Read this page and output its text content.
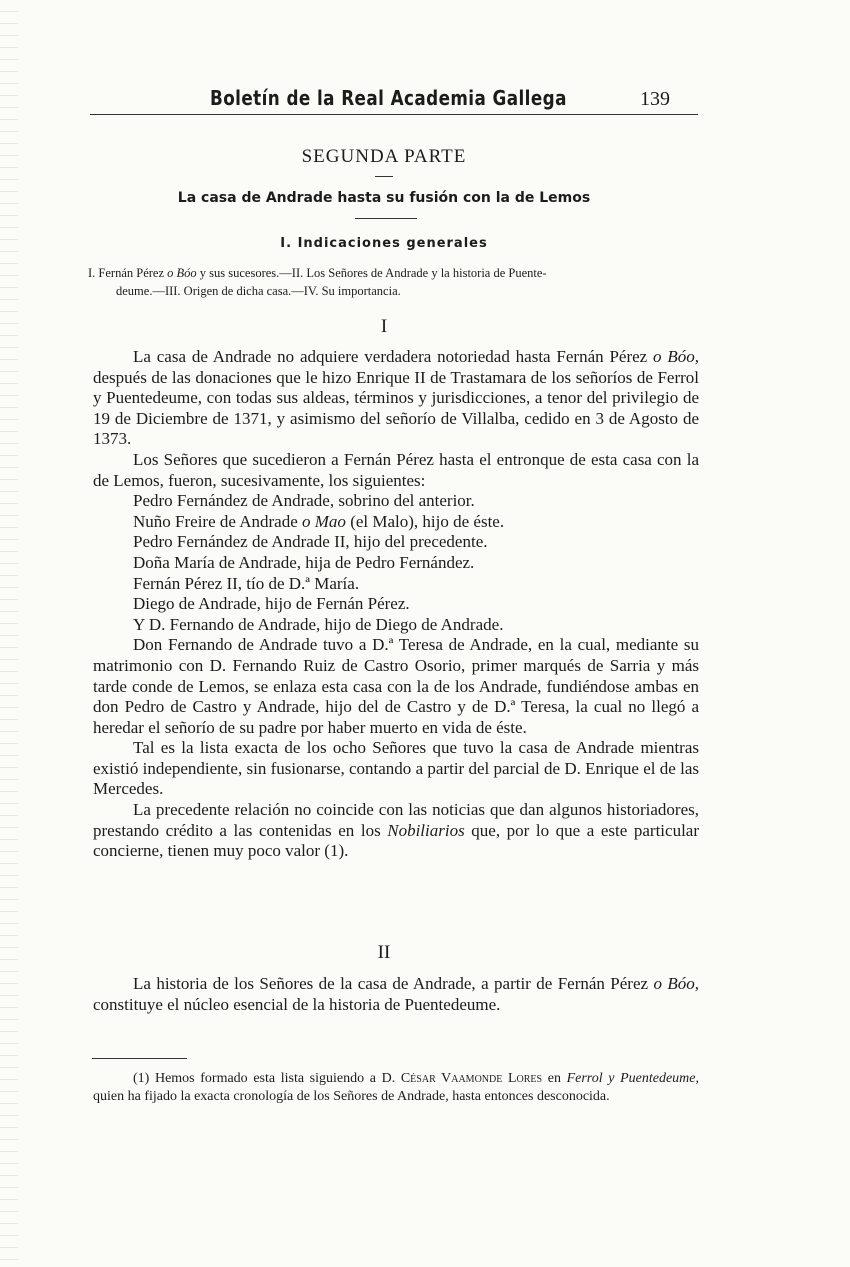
Boletín de la Real Academia Gallega	139
SEGUNDA PARTE
La casa de Andrade hasta su fusión con la de Lemos
I. Indicaciones generales
I. Fernán Pérez o Bóo y sus sucesores.—II. Los Señores de Andrade y la historia de Puente-
deume.—III. Origen de dicha casa.—IV. Su importancia.
I

La casa de Andrade no adquiere verdadera notoriedad hasta Fernán Pérez o Bóo, después de las donaciones que le hizo Enrique II de Trastamara de los señoríos de Ferrol y Puentedeume, con todas sus aldeas, términos y jurisdicciones, a tenor del privilegio de 19 de Diciembre de 1371, y asimismo del señorío de Villalba, cedido en 3 de Agosto de 1373.

Los Señores que sucedieron a Fernán Pérez hasta el entronque de esta casa con la de Lemos, fueron, sucesivamente, los siguientes:

Pedro Fernández de Andrade, sobrino del anterior.
Nuño Freire de Andrade o Mao (el Malo), hijo de éste.
Pedro Fernández de Andrade II, hijo del precedente.
Doña María de Andrade, hija de Pedro Fernández.
Fernán Pérez II, tío de D.ª María.
Diego de Andrade, hijo de Fernán Pérez.
Y D. Fernando de Andrade, hijo de Diego de Andrade.

Don Fernando de Andrade tuvo a D.ª Teresa de Andrade, en la cual, mediante su matrimonio con D. Fernando Ruiz de Castro Osorio, primer marqués de Sarria y más tarde conde de Lemos, se enlaza esta casa con la de los Andrade, fundiéndose ambas en don Pedro de Castro y Andrade, hijo del de Castro y de D.ª Teresa, la cual no llegó a heredar el señorío de su padre por haber muerto en vida de éste.

Tal es la lista exacta de los ocho Señores que tuvo la casa de Andrade mientras existió independiente, sin fusionarse, contando a partir del parcial de D. Enrique el de las Mercedes.

La precedente relación no coincide con las noticias que dan algunos historiadores, prestando crédito a las contenidas en los Nobiliarios que, por lo que a este particular concierne, tienen muy poco valor (1).

II

La historia de los Señores de la casa de Andrade, a partir de Fernán Pérez o Bóo, constituye el núcleo esencial de la historia de Puentedeume.

(1) Hemos formado esta lista siguiendo a D. César Vaamonde Lores en Ferrol y Puentedeume, quien ha fijado la exacta cronología de los Señores de Andrade, hasta entonces desconocida.
